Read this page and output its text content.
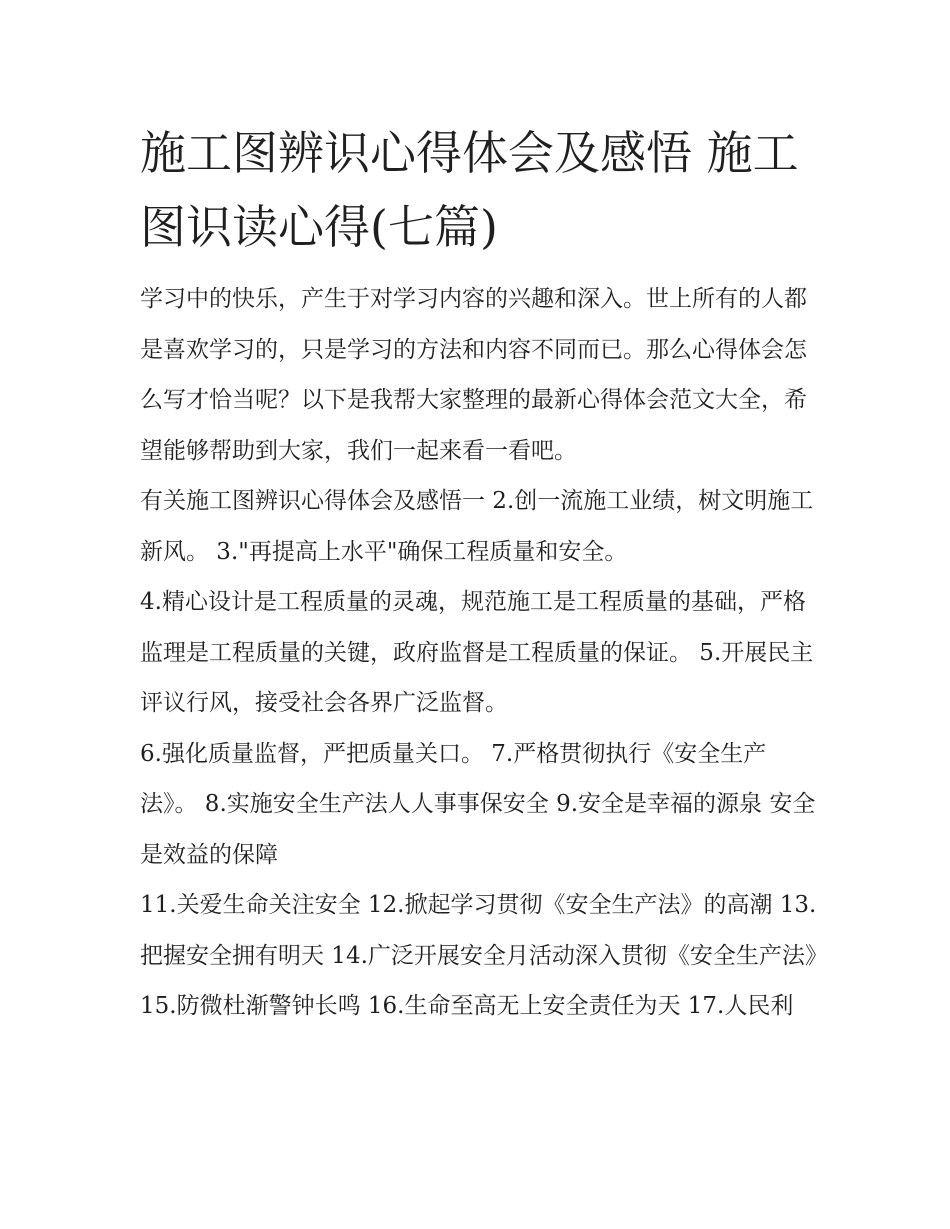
施工图辨识心得体会及感悟 施工图识读心得(七篇)

学习中的快乐，产生于对学习内容的兴趣和深入。世上所有的人都是喜欢学习的，只是学习的方法和内容不同而已。那么心得体会怎么写才恰当呢？以下是我帮大家整理的最新心得体会范文大全，希望能够帮助到大家，我们一起来看一看吧。

有关施工图辨识心得体会及感悟一 2.创一流施工业绩，树文明施工新风。 3."再提高上水平"确保工程质量和安全。

4.精心设计是工程质量的灵魂，规范施工是工程质量的基础，严格监理是工程质量的关键，政府监督是工程质量的保证。 5.开展民主评议行风，接受社会各界广泛监督。

6.强化质量监督，严把质量关口。 7.严格贯彻执行《安全生产法》。 8.实施安全生产法人人事事保安全 9.安全是幸福的源泉 安全是效益的保障

11.关爱生命关注安全 12.掀起学习贯彻《安全生产法》的高潮 13.把握安全拥有明天 14.广泛开展安全月活动深入贯彻《安全生产法》

15.防微杜渐警钟长鸣 16.生命至高无上安全责任为天 17.人民利
